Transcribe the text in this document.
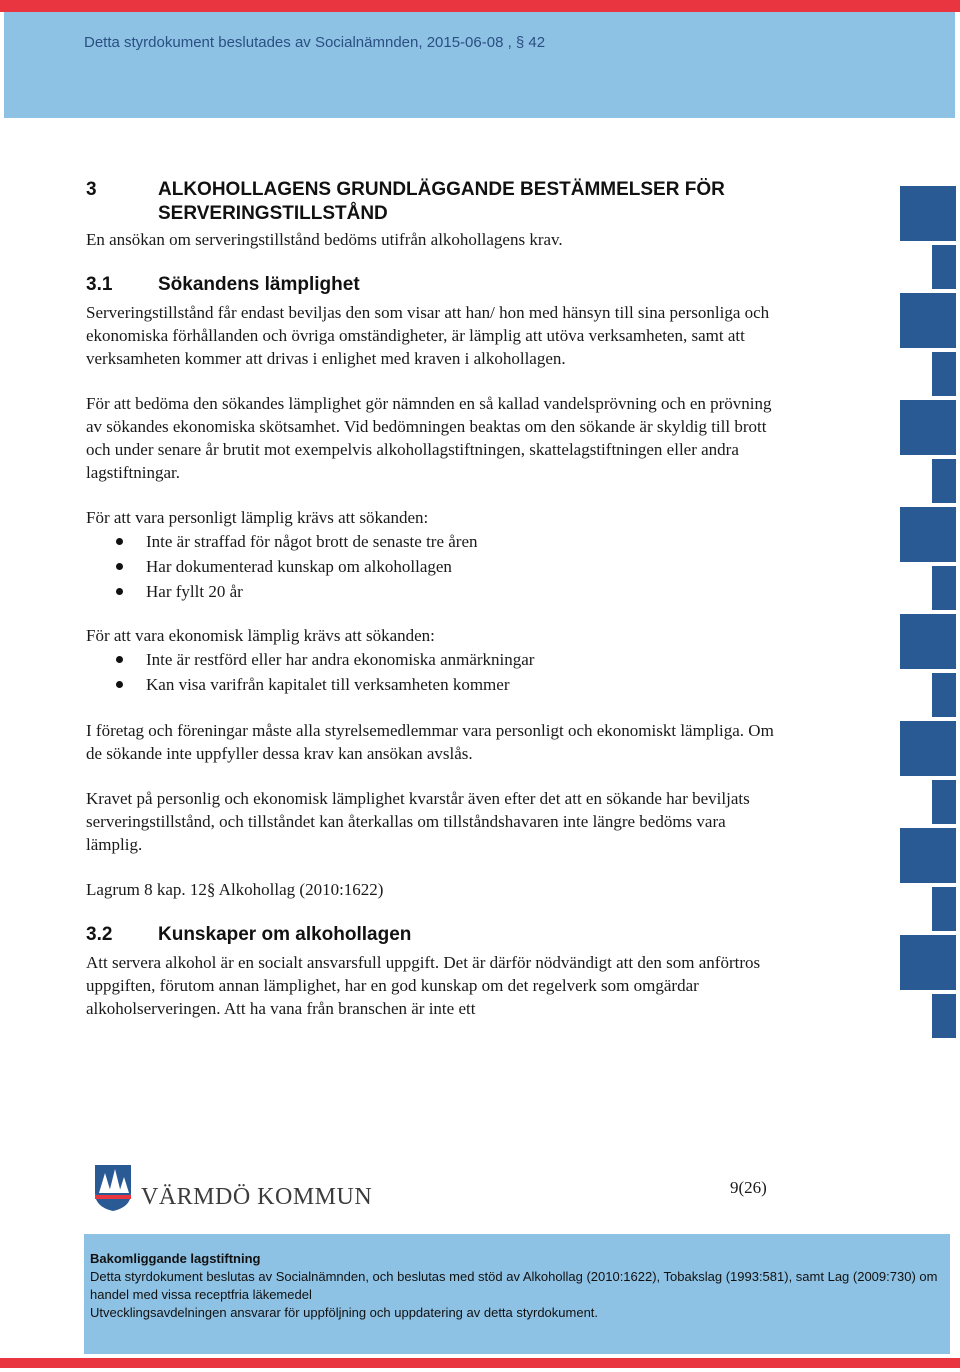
Detta styrdokument beslutades av Socialnämnden, 2015-06-08 , § 42
3	ALKOHOLLAGENS GRUNDLÄGGANDE BESTÄMMELSER FÖR
SERVERINGSTILLSTÅND

En ansökan om serveringstillstånd bedöms utifrån alkohollagens krav.

3.1	Sökandens lämplighet

Serveringstillstånd får endast beviljas den som visar att han/ hon med hänsyn till sina personliga och ekonomiska förhållanden och övriga omständigheter, är lämplig att utöva verksamheten, samt att verksamheten kommer att drivas i enlighet med kraven i alkohollagen.

För att bedöma den sökandes lämplighet gör nämnden en så kallad vandelsprövning och en prövning av sökandes ekonomiska skötsamhet. Vid bedömningen beaktas om den sökande är skyldig till brott och under senare år brutit mot exempelvis alkohollagstiftningen, skattelagstiftningen eller andra lagstiftningar.

För att vara personligt lämplig krävs att sökanden:

Inte är straffad för något brott de senaste tre åren
Har dokumenterad kunskap om alkohollagen
Har fyllt 20 år

För att vara ekonomisk lämplig krävs att sökanden:

Inte är restförd eller har andra ekonomiska anmärkningar
Kan visa varifrån kapitalet till verksamheten kommer

I företag och föreningar måste alla styrelsemedlemmar vara personligt och ekonomiskt lämpliga. Om de sökande inte uppfyller dessa krav kan ansökan avslås.

Kravet på personlig och ekonomisk lämplighet kvarstår även efter det att en sökande har beviljats serveringstillstånd, och tillståndet kan återkallas om tillståndshavaren inte längre bedöms vara lämplig.

Lagrum 8 kap. 12§ Alkohollag (2010:1622)

3.2	Kunskaper om alkohollagen

Att servera alkohol är en socialt ansvarsfull uppgift. Det är därför nödvändigt att den som anförtros uppgiften, förutom annan lämplighet, har en god kunskap om det regelverk som omgärdar alkoholserveringen. Att ha vana från branschen är inte ett

VÄRMDÖ KOMMUN	9(26)
Bakomliggande lagstiftning
Detta styrdokument beslutas av Socialnämnden, och beslutas med stöd av Alkohollag (2010:1622), Tobakslag (1993:581), samt Lag (2009:730) om handel med vissa receptfria läkemedel
Utvecklingsavdelningen ansvarar för uppföljning och uppdatering av detta styrdokument.
